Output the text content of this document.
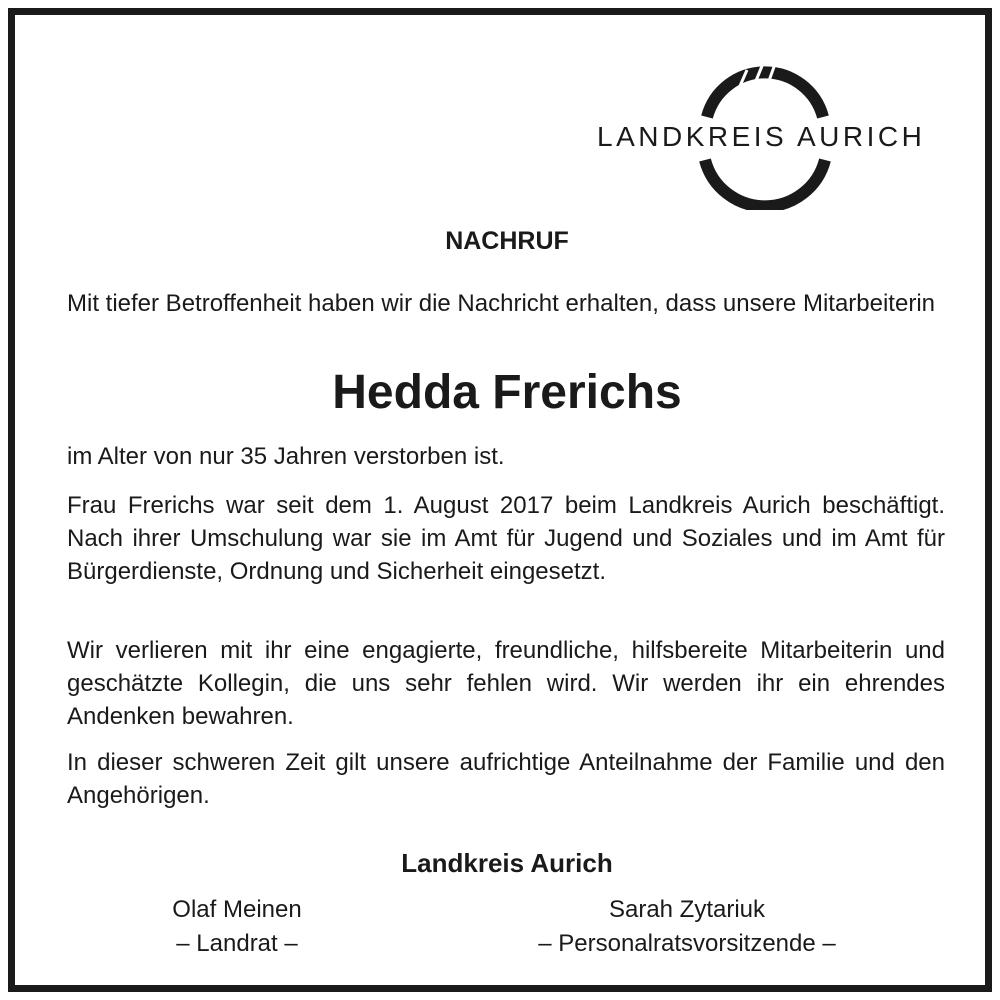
LANDKREIS AURICH
NACHRUF
Mit tiefer Betroffenheit haben wir die Nachricht erhalten, dass unsere Mitarbeiterin
Hedda Frerichs
im Alter von nur 35 Jahren verstorben ist.
Frau Frerichs war seit dem 1. August 2017 beim Landkreis Aurich beschäftigt. Nach ihrer Umschulung war sie im Amt für Jugend und Soziales und im Amt für Bürgerdienste, Ordnung und Sicherheit eingesetzt.
Wir verlieren mit ihr eine engagierte, freundliche, hilfsbereite Mitarbeiterin und geschätzte Kollegin, die uns sehr fehlen wird. Wir werden ihr ein ehrendes Andenken bewahren.
In dieser schweren Zeit gilt unsere aufrichtige Anteilnahme der Familie und den Angehörigen.
Landkreis Aurich
Olaf Meinen
– Landrat –
Sarah Zytariuk
– Personalratsvorsitzende –
